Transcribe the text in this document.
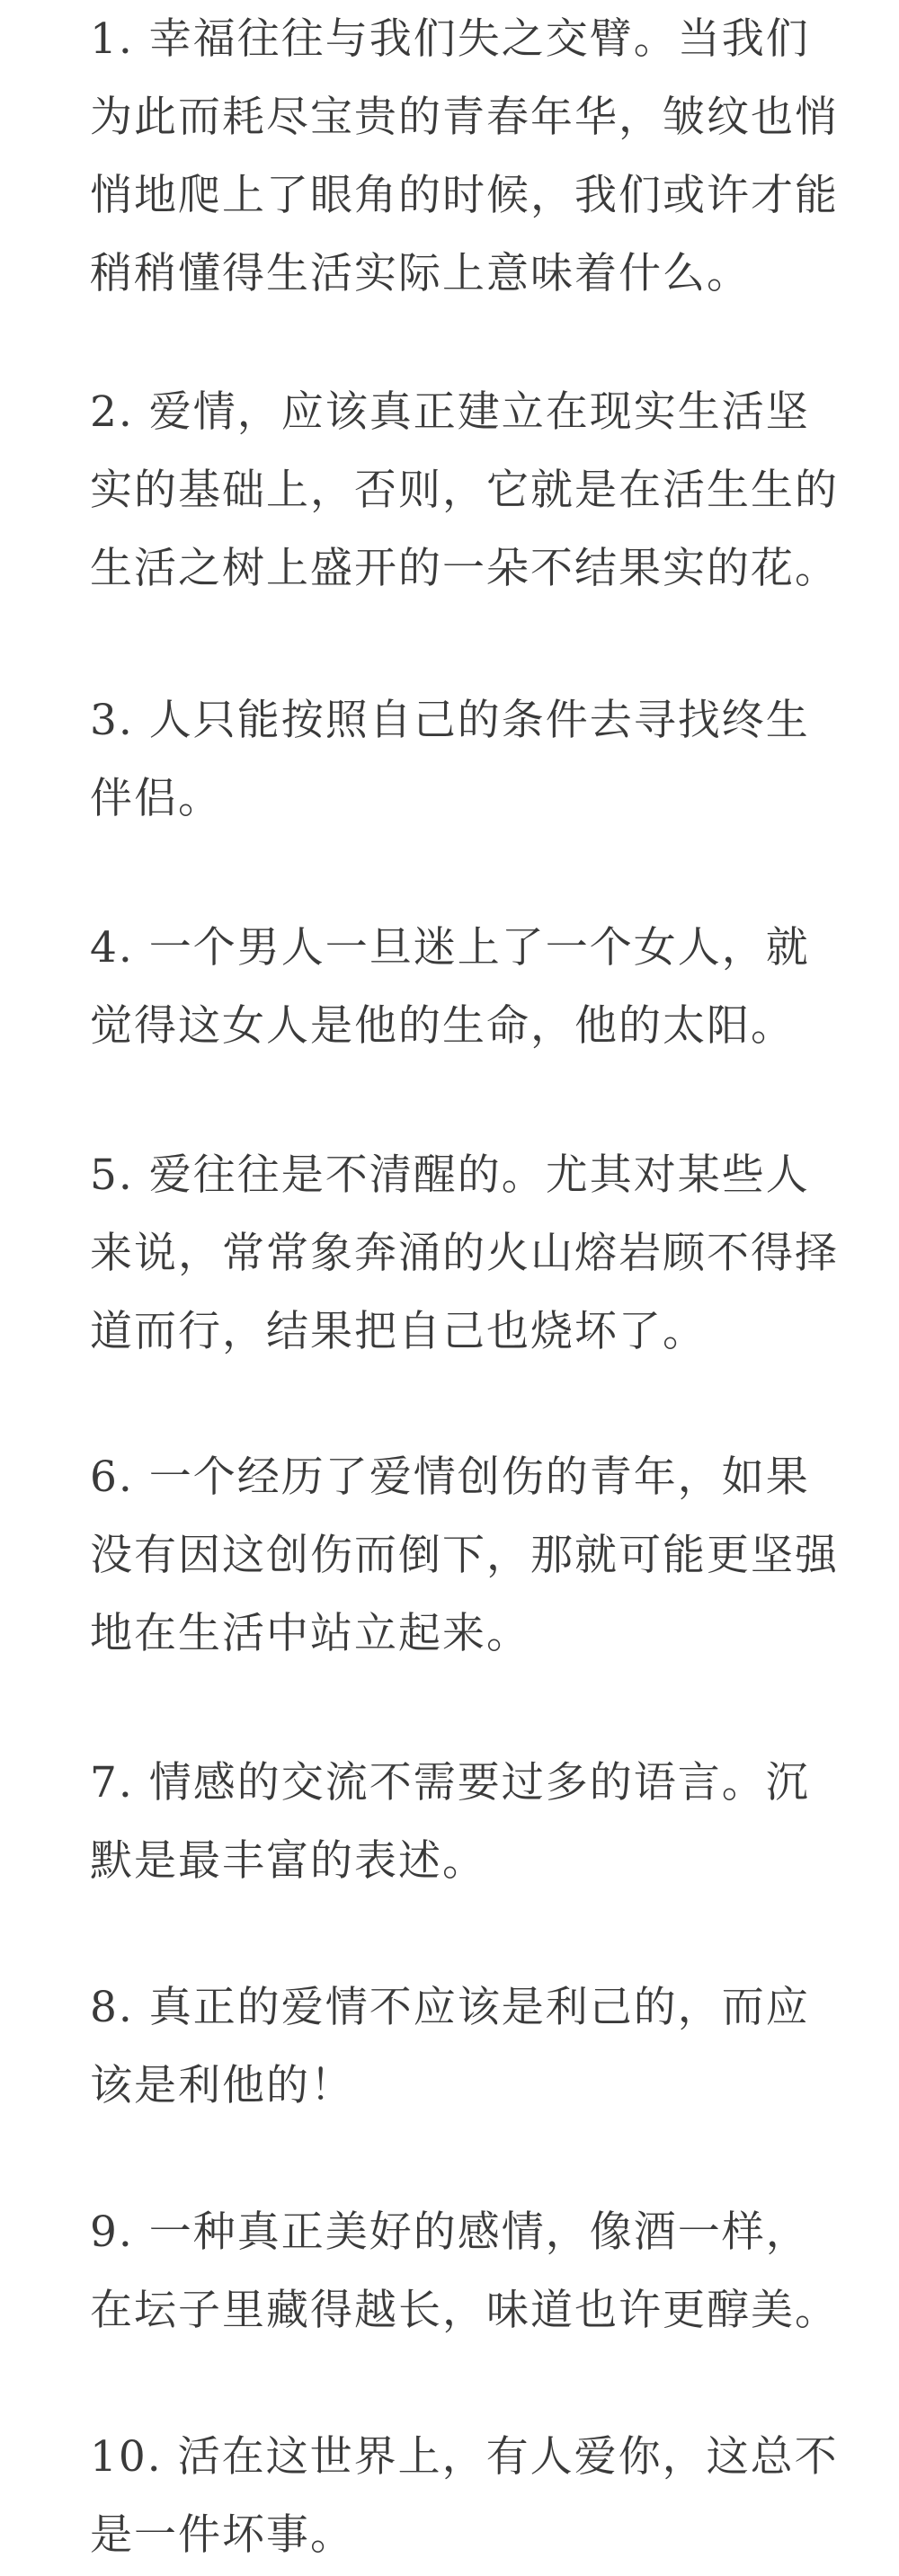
1. 幸福往往与我们失之交臂。当我们
为此而耗尽宝贵的青春年华，皱纹也悄
悄地爬上了眼角的时候，我们或许才能
稍稍懂得生活实际上意味着什么。

2. 爱情，应该真正建立在现实生活坚
实的基础上，否则，它就是在活生生的
生活之树上盛开的一朵不结果实的花。

3. 人只能按照自己的条件去寻找终生
伴侣。

4. 一个男人一旦迷上了一个女人，就
觉得这女人是他的生命，他的太阳。

5. 爱往往是不清醒的。尤其对某些人
来说，常常象奔涌的火山熔岩顾不得择
道而行，结果把自己也烧坏了。

6. 一个经历了爱情创伤的青年，如果
没有因这创伤而倒下，那就可能更坚强
地在生活中站立起来。

7. 情感的交流不需要过多的语言。沉
默是最丰富的表述。

8. 真正的爱情不应该是利己的，而应
该是利他的！

9. 一种真正美好的感情，像酒一样，
在坛子里藏得越长，味道也许更醇美。

10. 活在这世界上，有人爱你，这总不
是一件坏事。
